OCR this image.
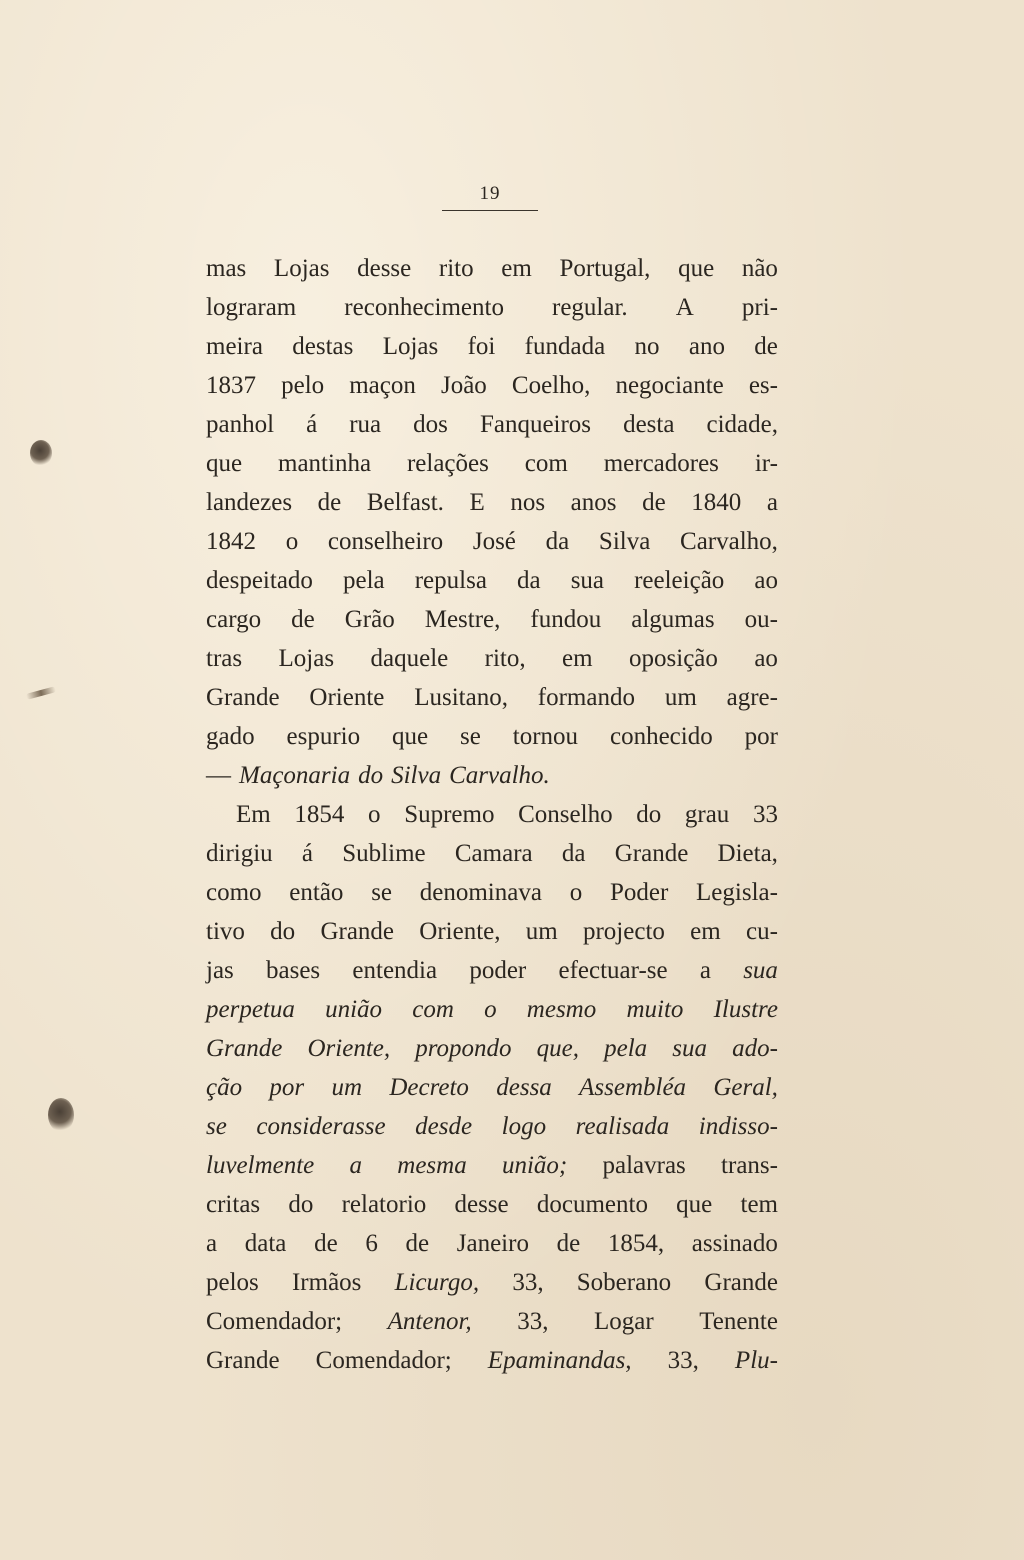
19
mas Lojas desse rito em Portugal, que não
lograram reconhecimento regular. A pri-
meira destas Lojas foi fundada no ano de
1837 pelo maçon João Coelho, negociante es-
panhol á rua dos Fanqueiros desta cidade,
que mantinha relações com mercadores ir-
landezes de Belfast. E nos anos de 1840 a
1842 o conselheiro José da Silva Carvalho,
despeitado pela repulsa da sua reeleição ao
cargo de Grão Mestre, fundou algumas ou-
tras Lojas daquele rito, em oposição ao
Grande Oriente Lusitano, formando um agre-
gado espurio que se tornou conhecido por
— Maçonaria do Silva Carvalho.
Em 1854 o Supremo Conselho do grau 33
dirigiu á Sublime Camara da Grande Dieta,
como então se denominava o Poder Legisla-
tivo do Grande Oriente, um projecto em cu-
jas bases entendia poder efectuar-se a sua
perpetua união com o mesmo muito Ilustre
Grande Oriente, propondo que, pela sua ado-
ção por um Decreto dessa Assembléa Geral,
se considerasse desde logo realisada indisso-
luvelmente a mesma união; palavras trans-
critas do relatorio desse documento que tem
a data de 6 de Janeiro de 1854, assinado
pelos Irmãos Licurgo, 33, Soberano Grande
Comendador; Antenor, 33, Logar Tenente
Grande Comendador; Epaminandas, 33, Plu-
